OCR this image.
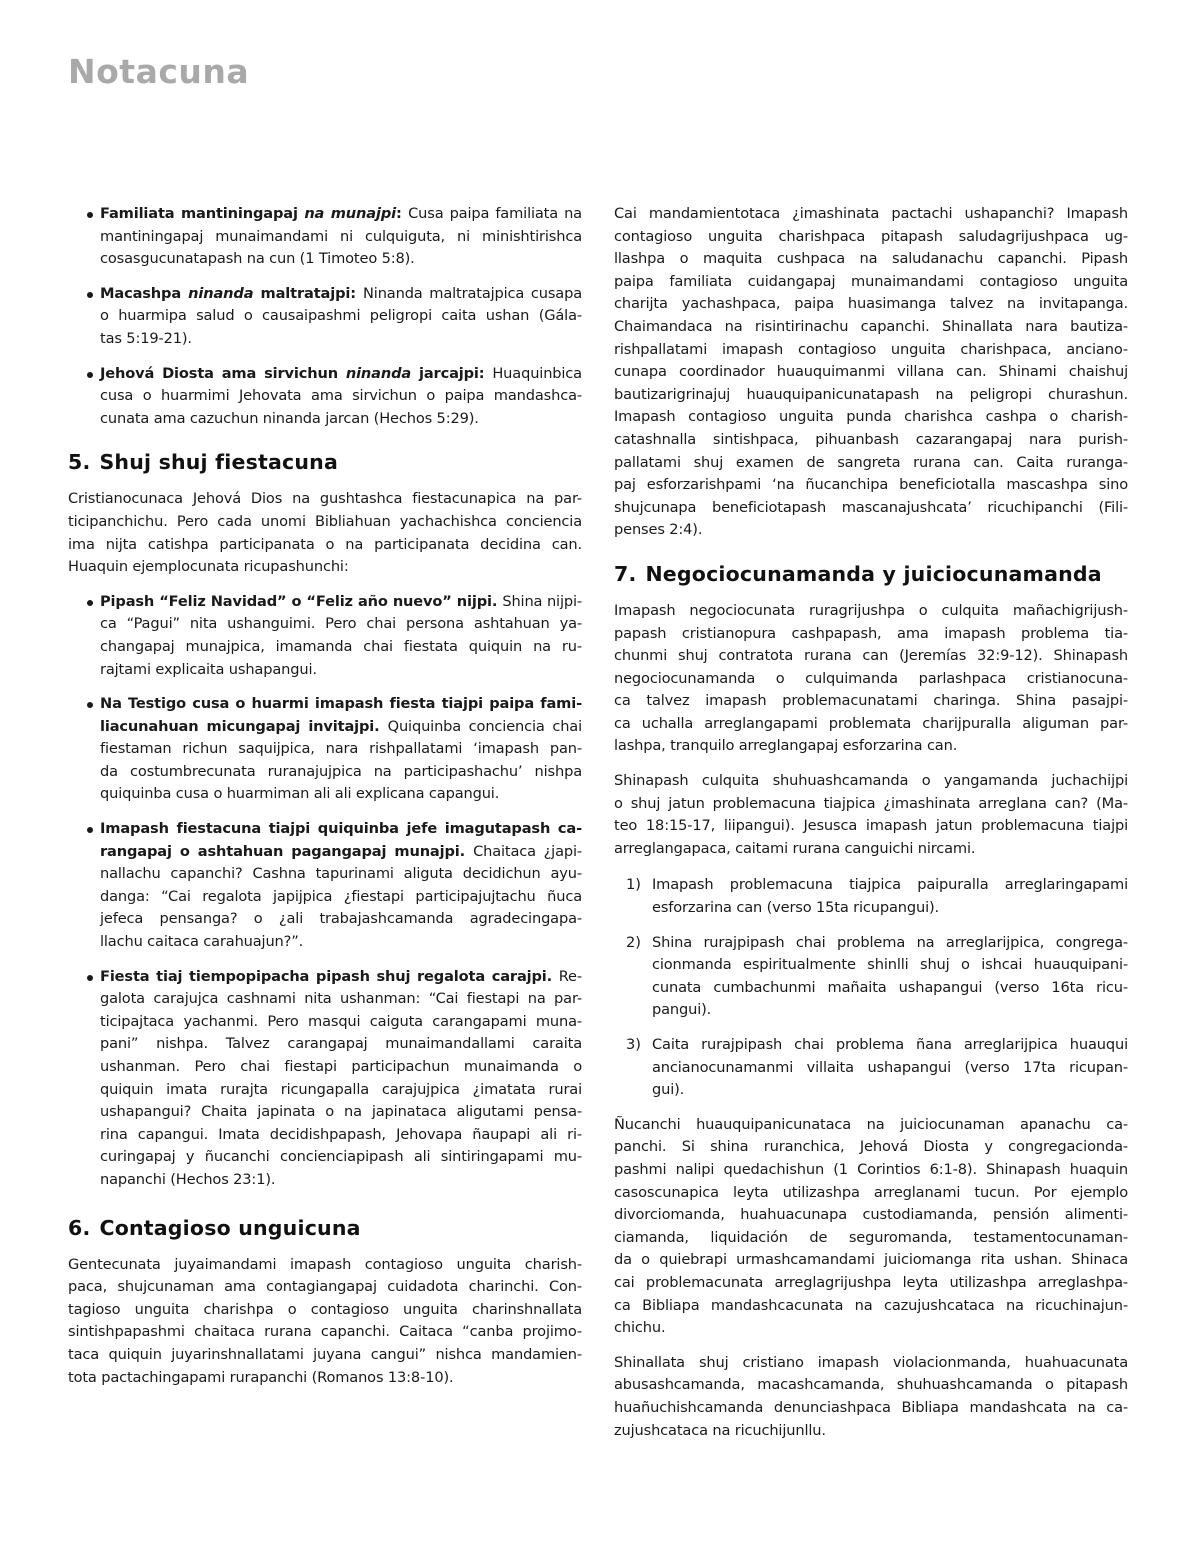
Notacuna
Familiata mantiningapaj na munajpi: Cusa paipa familiata na
mantiningapaj munaimandami ni culquiguta, ni minishtirishca
cosasgucunatapash na cun (1 Timoteo 5:8).
Macashpa ninanda maltratajpi: Ninanda maltratajpica cusapa
o huarmipa salud o causaipashmi peligropi caita ushan (Gála-
tas 5:19-21).
Jehová Diosta ama sirvichun ninanda jarcajpi: Huaquinbica
cusa o huarmimi Jehovata ama sirvichun o paipa mandashca-
cunata ama cazuchun ninanda jarcan (Hechos 5:29).
5. Shuj shuj fiestacuna
Cristianocunaca Jehová Dios na gushtashca fiestacunapica na par-
ticipanchichu. Pero cada unomi Bibliahuan yachachishca conciencia
ima nijta catishpa participanata o na participanata decidina can.
Huaquin ejemplocunata ricupashunchi:
Pipash “Feliz Navidad” o “Feliz año nuevo” nijpi. Shina nijpi-
ca “Pagui” nita ushanguimi. Pero chai persona ashtahuan ya-
changapaj munajpica, imamanda chai fiestata quiquin na ru-
rajtami explicaita ushapangui.
Na Testigo cusa o huarmi imapash fiesta tiajpi paipa fami-
liacunahuan micungapaj invitajpi. Quiquinba conciencia chai
fiestaman richun saquijpica, nara rishpallatami ‘imapash pan-
da costumbrecunata ruranajujpica na participashachu’ nishpa
quiquinba cusa o huarmiman ali ali explicana capangui.
Imapash fiestacuna tiajpi quiquinba jefe imagutapash ca-
rangapaj o ashtahuan pagangapaj munajpi. Chaitaca ¿japi-
nallachu capanchi? Cashna tapurinami aliguta decidichun ayu-
danga: “Cai regalota japijpica ¿fiestapi participajujtachu ñuca
jefeca pensanga? o ¿ali trabajashcamanda agradecingapa-
llachu caitaca carahuajun?”.
Fiesta tiaj tiempopipacha pipash shuj regalota carajpi. Re-
galota carajujca cashnami nita ushanman: “Cai fiestapi na par-
ticipajtaca yachanmi. Pero masqui caiguta carangapami muna-
pani” nishpa. Talvez carangapaj munaimandallami caraita
ushanman. Pero chai fiestapi participachun munaimanda o
quiquin imata rurajta ricungapalla carajujpica ¿imatata rurai
ushapangui? Chaita japinata o na japinataca aligutami pensa-
rina capangui. Imata decidishpapash, Jehovapa ñaupapi ali ri-
curingapaj y ñucanchi concienciapipash ali sintiringapami mu-
napanchi (Hechos 23:1).
6. Contagioso unguicuna
Gentecunata juyaimandami imapash contagioso unguita charish-
paca, shujcunaman ama contagiangapaj cuidadota charinchi. Con-
tagioso unguita charishpa o contagioso unguita charinshnallata
sintishpapashmi chaitaca rurana capanchi. Caitaca “canba projimo-
taca quiquin juyarinshnallatami juyana cangui” nishca mandamien-
tota pactachingapami rurapanchi (Romanos 13:8-10).
Cai mandamientotaca ¿imashinata pactachi ushapanchi? Imapash
contagioso unguita charishpaca pitapash saludagrijushpaca ug-
llashpa o maquita cushpaca na saludanachu capanchi. Pipash
paipa familiata cuidangapaj munaimandami contagioso unguita
charijta yachashpaca, paipa huasimanga talvez na invitapanga.
Chaimandaca na risintirinachu capanchi. Shinallata nara bautiza-
rishpallatami imapash contagioso unguita charishpaca, anciano-
cunapa coordinador huauquimanmi villana can. Shinami chaishuj
bautizarigrinajuj huauquipanicunatapash na peligropi churashun.
Imapash contagioso unguita punda charishca cashpa o charish-
catashnalla sintishpaca, pihuanbash cazarangapaj nara purish-
pallatami shuj examen de sangreta rurana can. Caita ruranga-
paj esforzarishpami ‘na ñucanchipa beneficiotalla mascashpa sino
shujcunapa beneficiotapash mascanajushcata’ ricuchipanchi (Fili-
penses 2:4).
7. Negociocunamanda y juiciocunamanda
Imapash negociocunata ruragrijushpa o culquita mañachigrijush-
papash cristianopura cashpapash, ama imapash problema tia-
chunmi shuj contratota rurana can (Jeremías 32:9-12). Shinapash
negociocunamanda o culquimanda parlashpaca cristianocuna-
ca talvez imapash problemacunatami charinga. Shina pasajpi-
ca uchalla arreglangapami problemata charijpuralla aliguman par-
lashpa, tranquilo arreglangapaj esforzarina can.
Shinapash culquita shuhuashcamanda o yangamanda juchachijpi
o shuj jatun problemacuna tiajpica ¿imashinata arreglana can? (Ma-
teo 18:15-17, liipangui). Jesusca imapash jatun problemacuna tiajpi
arreglangapaca, caitami rurana canguichi nircami.
1) Imapash problemacuna tiajpica paipuralla arreglaringapami
esforzarina can (verso 15ta ricupangui).
2) Shina rurajpipash chai problema na arreglarijpica, congrega-
cionmanda espiritualmente shinlli shuj o ishcai huauquipani-
cunata cumbachunmi mañaita ushapangui (verso 16ta ricu-
pangui).
3) Caita rurajpipash chai problema ñana arreglarijpica huauqui
ancianocunamanmi villaita ushapangui (verso 17ta ricupan-
gui).
Ñucanchi huauquipanicunataca na juiciocunaman apanachu ca-
panchi. Si shina ruranchica, Jehová Diosta y congregacionda-
pashmi nalipi quedachishun (1 Corintios 6:1-8). Shinapash huaquin
casoscunapica leyta utilizashpa arreglanami tucun. Por ejemplo
divorciomanda, huahuacunapa custodiamanda, pensión alimenti-
ciamanda, liquidación de seguromanda, testamentocunaman-
da o quiebrapi urmashcamandami juiciomanga rita ushan. Shinaca
cai problemacunata arreglagrijushpa leyta utilizashpa arreglashpa-
ca Bibliapa mandashcacunata na cazujushcataca na ricuchinajun-
chichu.
Shinallata shuj cristiano imapash violacionmanda, huahuacunata
abusashcamanda, macashcamanda, shuhuashcamanda o pitapash
huañuchishcamanda denunciashpaca Bibliapa mandashcata na ca-
zujushcataca na ricuchijunllu.
